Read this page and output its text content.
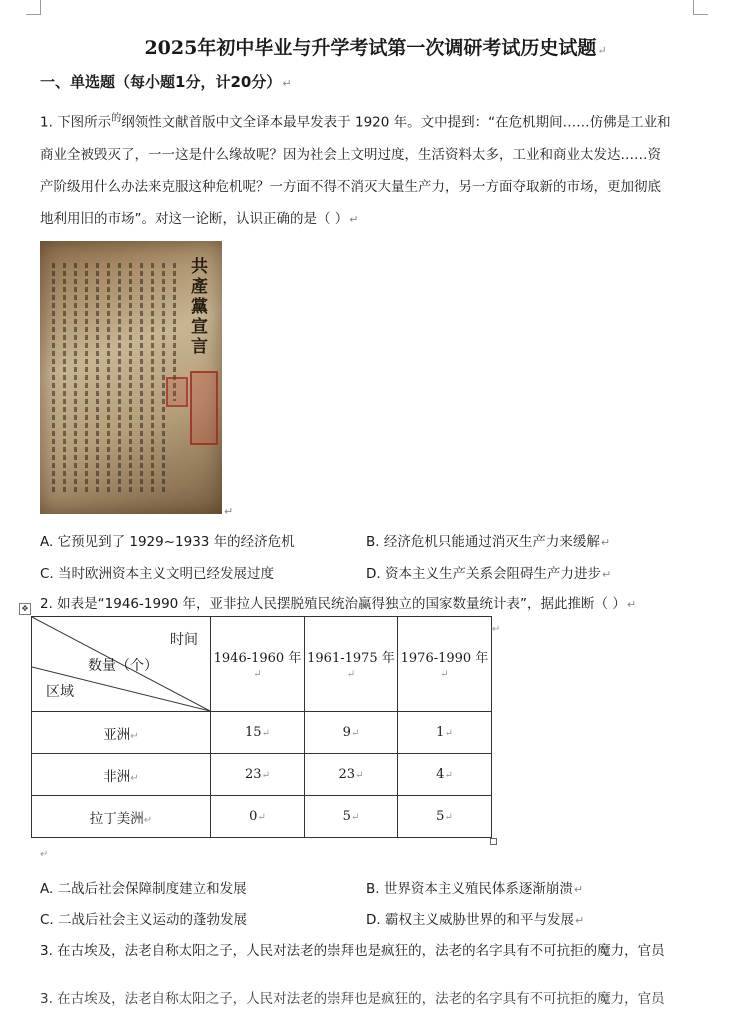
2025年初中毕业与升学考试第一次调研考试历史试题↵
一、单选题（每小题1分，计20分）↵
1. 下图所示$^的$纲领性文献首版中文全译本最早发表于 1920 年。文中提到：“在危机期间……仿佛是工业和
商业全被毁灭了，一一这是什么缘故呢？因为社会上文明过度，生活资料太多，工业和商业太发达……资
产阶级用什么办法来克服这种危机呢？一方面不得不消灭大量生产力，另一方面夺取新的市场，更加彻底
地利用旧的市场”。对这一论断，认识正确的是（ ）↵
共產黨宣言
↵
A. 它预见到了 1929~1933 年的经济危机	B. 经济危机只能通过消灭生产力来缓解↵
C. 当时欧洲资本主义文明已经发展过度	D. 资本主义生产关系会阻碍生产力进步↵
✥ 2. 如表是“1946-1990 年，亚非拉人民摆脱殖民统治赢得独立的国家数量统计表”，据此推断（ ）↵
时间
数量（个）
区域	1946-1960 年↵	1961-1975 年↵	1976-1990 年↵
亚洲↵	15↵	9↵	1↵
非洲↵	23↵	23↵	4↵
拉丁美洲↵	0↵	5↵	5↵
↵
↵
A. 二战后社会保障制度建立和发展	B. 世界资本主义殖民体系逐渐崩溃↵
C. 二战后社会主义运动的蓬勃发展	D. 霸权主义威胁世界的和平与发展↵
3. 在古埃及，法老自称太阳之子，人民对法老的崇拜也是疯狂的，法老的名字具有不可抗拒的魔力，官员
3. 在古埃及，法老自称太阳之子，人民对法老的崇拜也是疯狂的，法老的名字具有不可抗拒的魔力，官员
